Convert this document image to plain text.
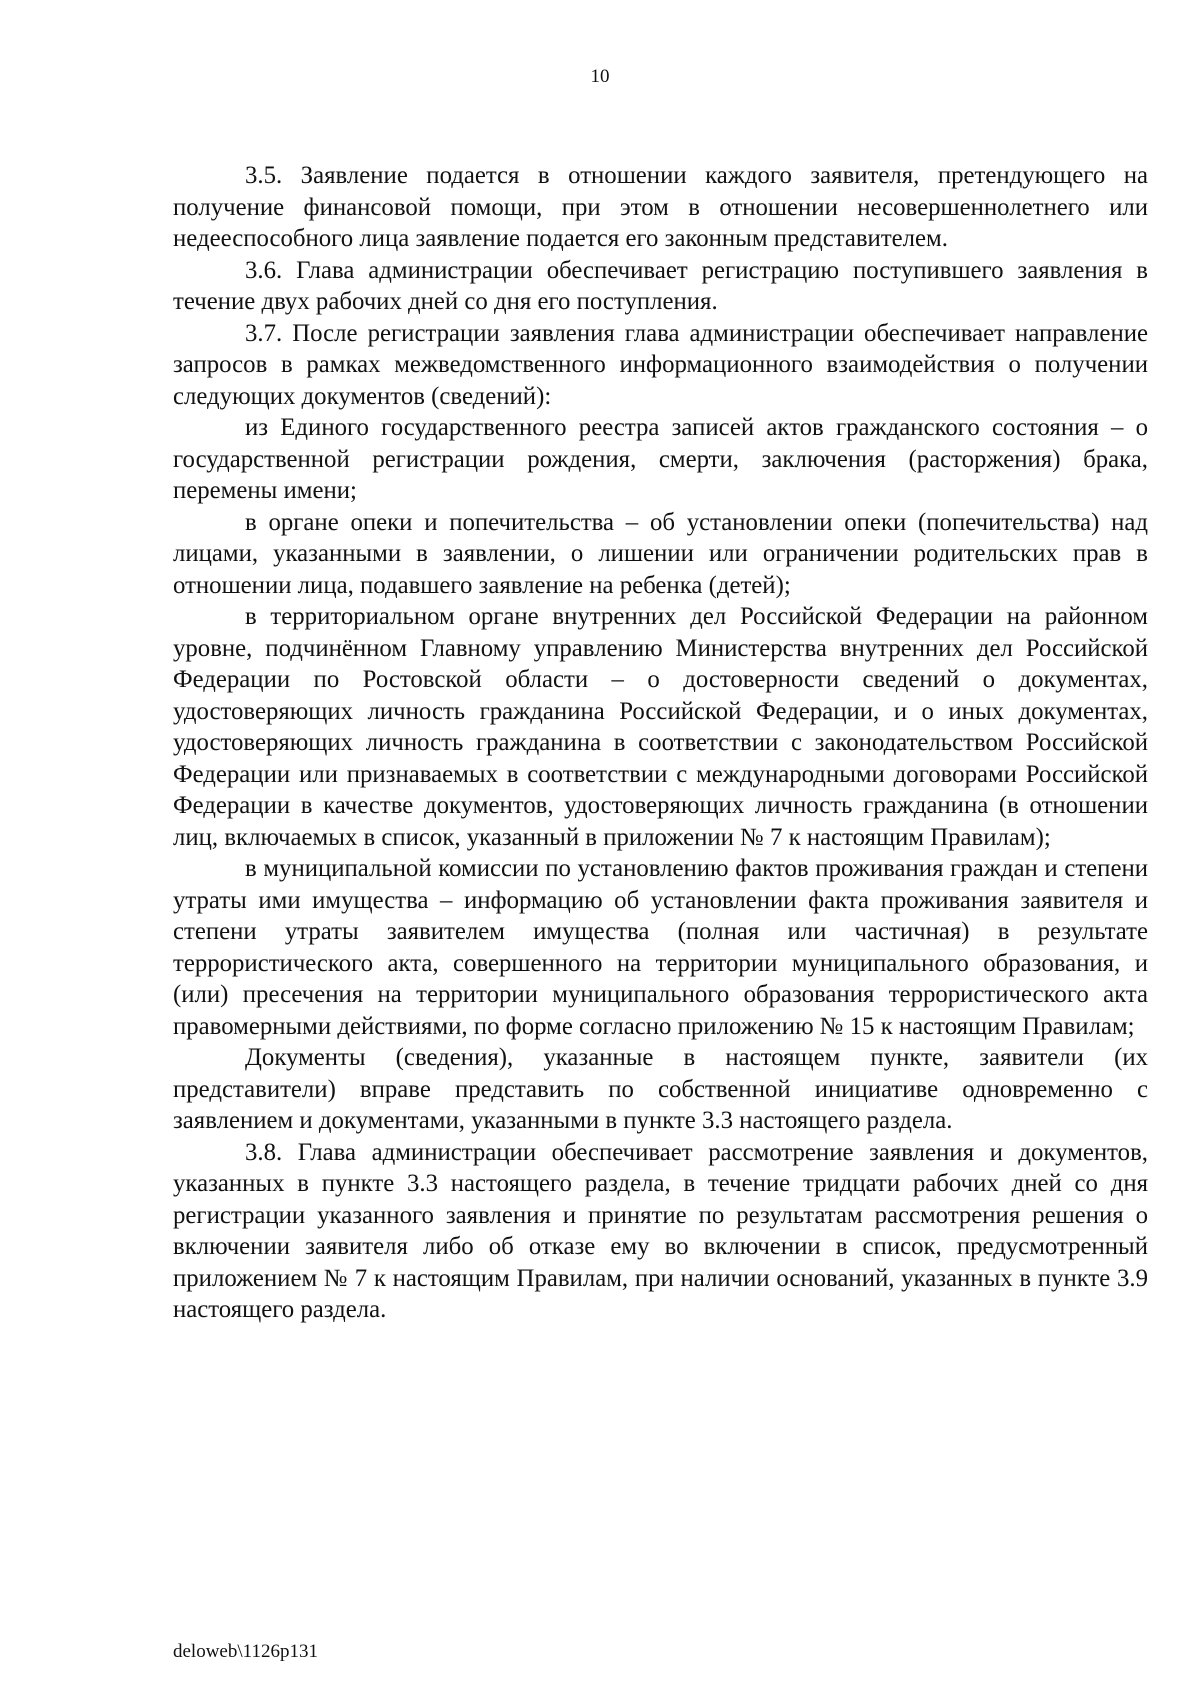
10

3.5. Заявление подается в отношении каждого заявителя, претендующего на получение финансовой помощи, при этом в отношении несовершеннолетнего или недееспособного лица заявление подается его законным представителем.

3.6. Глава администрации обеспечивает регистрацию поступившего заявления в течение двух рабочих дней со дня его поступления.

3.7. После регистрации заявления глава администрации обеспечивает направление запросов в рамках межведомственного информационного взаимодействия о получении следующих документов (сведений):

из Единого государственного реестра записей актов гражданского состояния – о государственной регистрации рождения, смерти, заключения (расторжения) брака, перемены имени;

в органе опеки и попечительства – об установлении опеки (попечительства) над лицами, указанными в заявлении, о лишении или ограничении родительских прав в отношении лица, подавшего заявление на ребенка (детей);

в территориальном органе внутренних дел Российской Федерации на районном уровне, подчинённом Главному управлению Министерства внутренних дел Российской Федерации по Ростовской области – о достоверности сведений о документах, удостоверяющих личность гражданина Российской Федерации, и о иных документах, удостоверяющих личность гражданина в соответствии с законодательством Российской Федерации или признаваемых в соответствии с международными договорами Российской Федерации в качестве документов, удостоверяющих личность гражданина (в отношении лиц, включаемых в список, указанный в приложении № 7 к настоящим Правилам);

в муниципальной комиссии по установлению фактов проживания граждан и степени утраты ими имущества – информацию об установлении факта проживания заявителя и степени утраты заявителем имущества (полная или частичная) в результате террористического акта, совершенного на территории муниципального образования, и (или) пресечения на территории муниципального образования террористического акта правомерными действиями, по форме согласно приложению № 15 к настоящим Правилам;

Документы (сведения), указанные в настоящем пункте, заявители (их представители) вправе представить по собственной инициативе одновременно с заявлением и документами, указанными в пункте 3.3 настоящего раздела.

3.8. Глава администрации обеспечивает рассмотрение заявления и документов, указанных в пункте 3.3 настоящего раздела, в течение тридцати рабочих дней со дня регистрации указанного заявления и принятие по результатам рассмотрения решения о включении заявителя либо об отказе ему во включении в список, предусмотренный приложением № 7 к настоящим Правилам, при наличии оснований, указанных в пункте 3.9 настоящего раздела.

deloweb\1126p131
